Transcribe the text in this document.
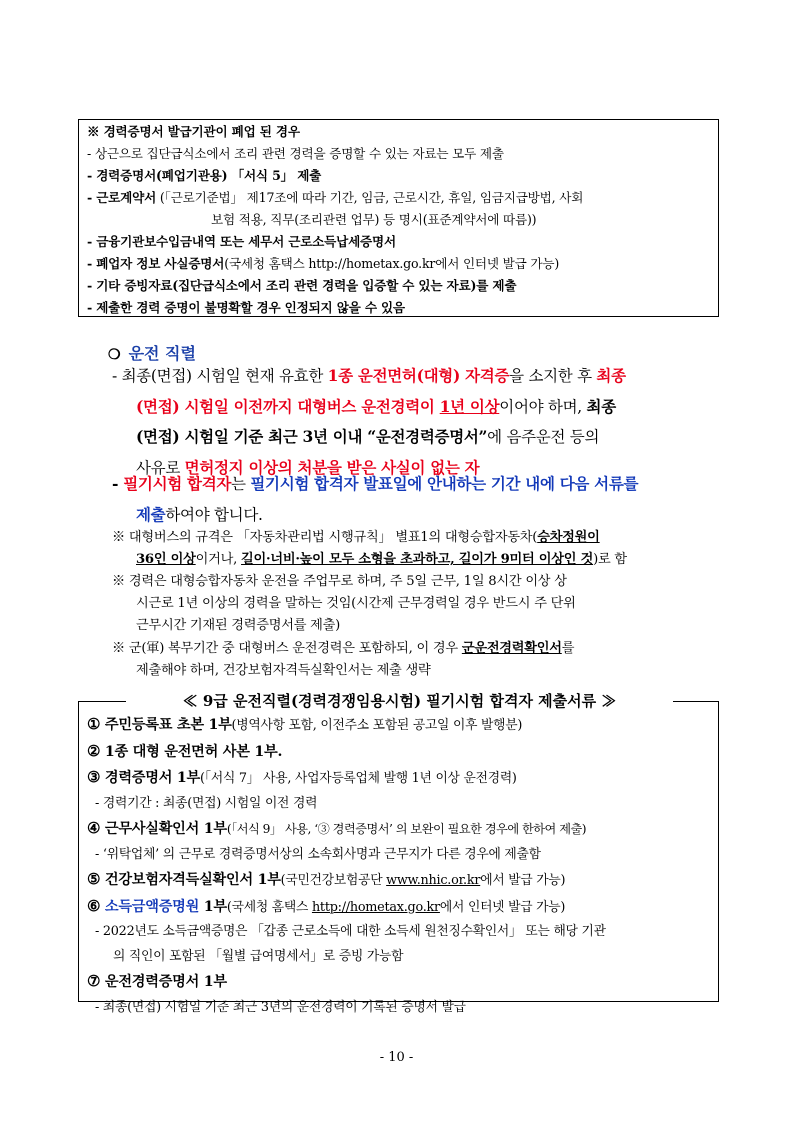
※ 경력증명서 발급기관이 폐업 된 경우
- 상근으로 집단급식소에서 조리 관련 경력을 증명할 수 있는 자료는 모두 제출
- 경력증명서(폐업기관용) 「서식 5」 제출
- 근로계약서 (「근로기준법」 제17조에 따라 기간, 임금, 근로시간, 휴일, 임금지급방법, 사회
보험 적용, 직무(조리관련 업무) 등 명시(표준계약서에 따름))
- 금융기관보수입금내역 또는 세무서 근로소득납세증명서
- 폐업자 정보 사실증명서(국세청 홈택스 http://hometax.go.kr에서 인터넷 발급 가능)
- 기타 증빙자료(집단급식소에서 조리 관련 경력을 입증할 수 있는 자료)를 제출
- 제출한 경력 증명이 불명확할 경우 인정되지 않을 수 있음
❍ 운전 직렬
- 최종(면접) 시험일 현재 유효한 1종 운전면허(대형) 자격증을 소지한 후 최종
(면접) 시험일 이전까지 대형버스 운전경력이 1년 이상이어야 하며, 최종
(면접) 시험일 기준 최근 3년 이내 “운전경력증명서”에 음주운전 등의
사유로 면허정지 이상의 처분을 받은 사실이 없는 자
- 필기시험 합격자는 필기시험 합격자 발표일에 안내하는 기간 내에 다음 서류를
제출하여야 합니다.
※ 대형버스의 규격은 「자동차관리법 시행규칙」 별표1의 대형승합자동차(승차정원이
36인 이상이거나, 길이·너비·높이 모두 소형을 초과하고, 길이가 9미터 이상인 것)로 함
※ 경력은 대형승합자동차 운전을 주업무로 하며, 주 5일 근무, 1일 8시간 이상 상
시근로 1년 이상의 경력을 말하는 것임(시간제 근무경력일 경우 반드시 주 단위
근무시간 기재된 경력증명서를 제출)
※ 군(軍) 복무기간 중 대형버스 운전경력은 포함하되, 이 경우 군운전경력확인서를
제출해야 하며, 건강보험자격득실확인서는 제출 생략
≪ 9급 운전직렬(경력경쟁임용시험) 필기시험 합격자 제출서류 ≫
① 주민등록표 초본 1부(병역사항 포함, 이전주소 포함된 공고일 이후 발행분)
② 1종 대형 운전면허 사본 1부.
③ 경력증명서 1부(「서식 7」 사용, 사업자등록업체 발행 1년 이상 운전경력)
- 경력기간 : 최종(면접) 시험일 이전 경력
④ 근무사실확인서 1부(「서식 9」 사용, ‘③ 경력증명서’ 의 보완이 필요한 경우에 한하여 제출)
- ‘위탁업체’ 의 근무로 경력증명서상의 소속회사명과 근무지가 다른 경우에 제출함
⑤ 건강보험자격득실확인서 1부(국민건강보험공단 www.nhic.or.kr에서 발급 가능)
⑥ 소득금액증명원 1부(국세청 홈택스 http://hometax.go.kr에서 인터넷 발급 가능)
- 2022년도 소득금액증명은 「갑종 근로소득에 대한 소득세 원천징수확인서」 또는 해당 기관
의 직인이 포함된 「월별 급여명세서」로 증빙 가능함
⑦ 운전경력증명서 1부
- 최종(면접) 시험일 기준 최근 3년의 운전경력이 기록된 증명서 발급
- 10 -
